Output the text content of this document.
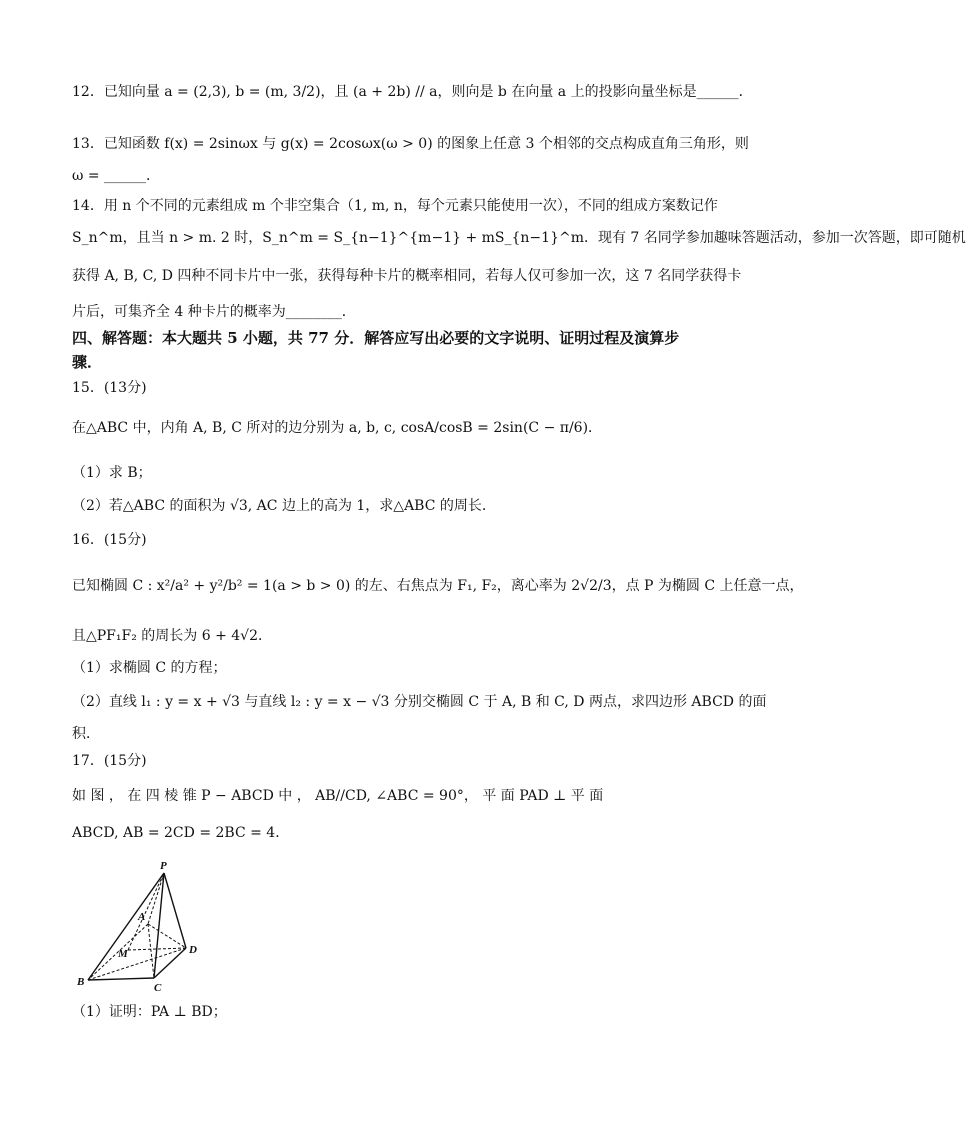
12．已知向量 a = (2,3), b = (m, 3/2)，且 (a + 2b) // a，则向是 b 在向量 a 上的投影向量坐标是______．
13．已知函数 f(x) = 2sinωx 与 g(x) = 2cosωx(ω > 0) 的图象上任意 3 个相邻的交点构成直角三角形，则
ω = ______．
14．用 n 个不同的元素组成 m 个非空集合（1, m, n，每个元素只能使用一次），不同的组成方案数记作
S_n^m，且当 n > m. 2 时，S_n^m = S_{n−1}^{m−1} + mS_{n−1}^m．现有 7 名同学参加趣味答题活动，参加一次答题，即可随机
获得 A, B, C, D 四种不同卡片中一张，获得每种卡片的概率相同，若每人仅可参加一次，这 7 名同学获得卡
片后，可集齐全 4 种卡片的概率为________．
四、解答题：本大题共 5 小题，共 77 分．解答应写出必要的文字说明、证明过程及演算步
骤．
15．(13分)
在△ABC 中，内角 A, B, C 所对的边分别为 a, b, c, cosA/cosB = 2sin(C − π/6)．
（1）求 B；
（2）若△ABC 的面积为 √3, AC 边上的高为 1，求△ABC 的周长．
16．(15分)
已知椭圆 C : x²/a² + y²/b² = 1(a > b > 0) 的左、右焦点为 F₁, F₂，离心率为 2√2/3，点 P 为椭圆 C 上任意一点，
且△PF₁F₂ 的周长为 6 + 4√2．
（1）求椭圆 C 的方程；
（2）直线 l₁ : y = x + √3 与直线 l₂ : y = x − √3 分别交椭圆 C 于 A, B 和 C, D 两点，求四边形 ABCD 的面
积．
17．(15分)
如 图 ， 在 四 棱 锥 P − ABCD 中 ， AB//CD, ∠ABC = 90°， 平 面 PAD ⊥ 平 面
ABCD, AB = 2CD = 2BC = 4．
P
A
M	D
B	C
（1）证明：PA ⊥ BD；
